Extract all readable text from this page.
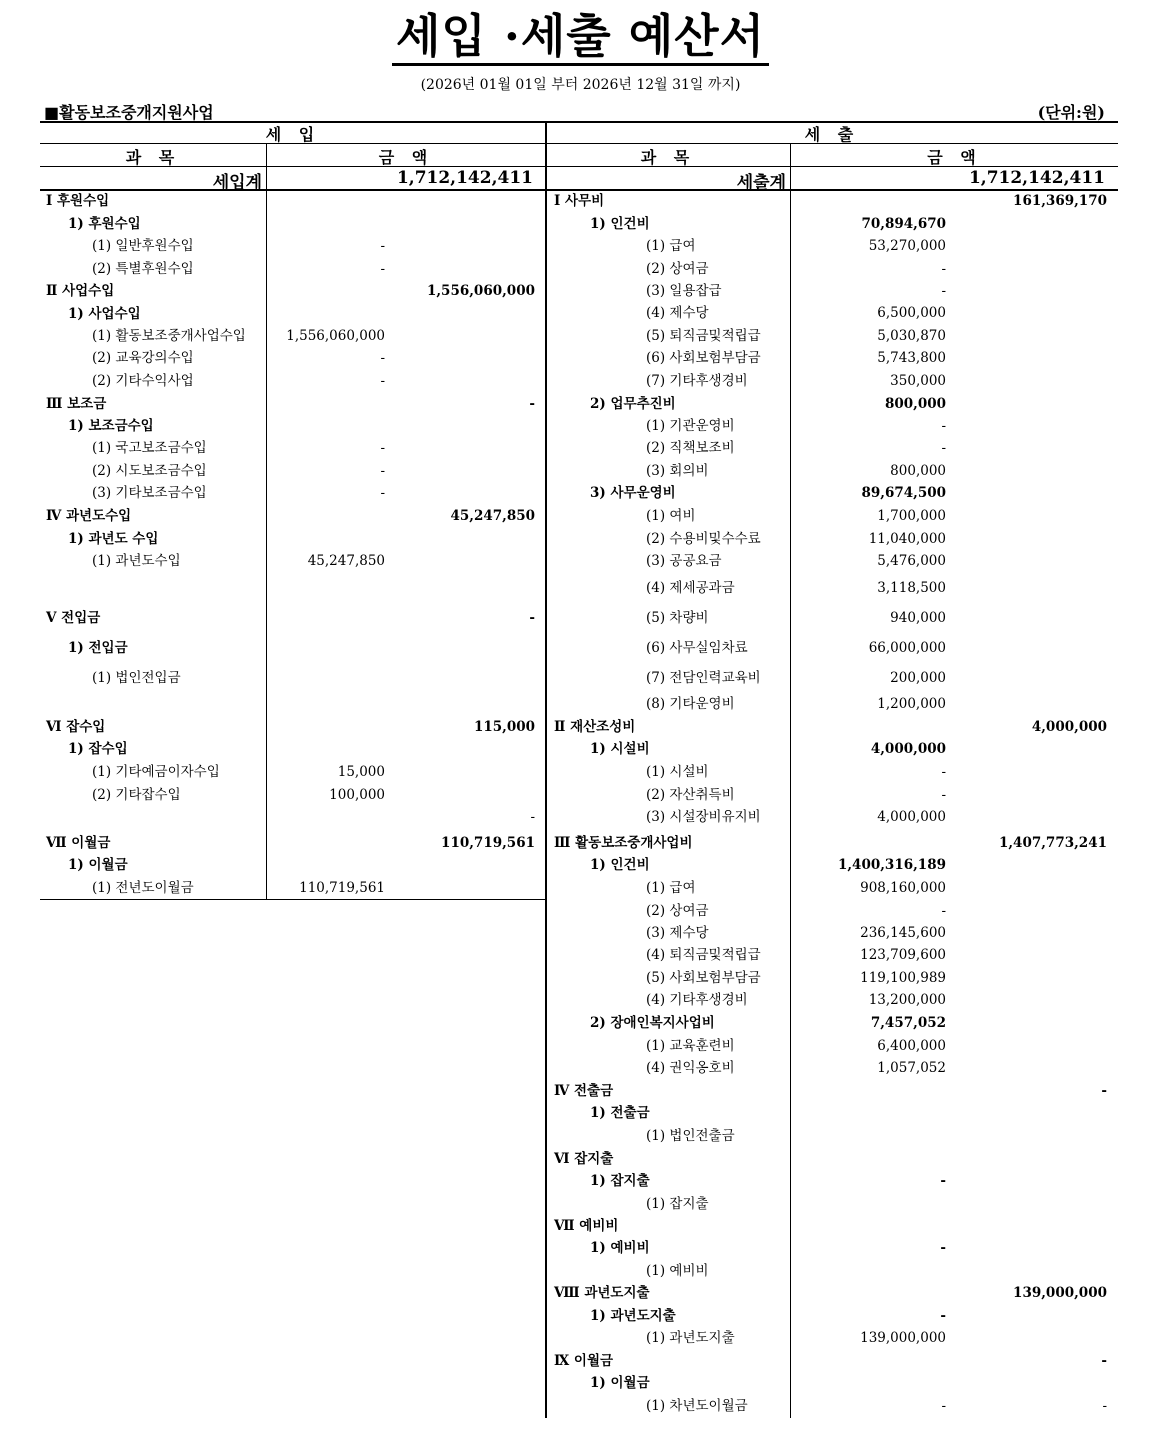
세입 ·세출 예산서
(2026년 01월 01일 부터 2026년 12월 31일 까지)
■활동보조중개지원사업	(단위:원)
세 입	세 출
과 목	금 액	과 목	금 액
세입계	1,712,142,411	세출계	1,712,142,411
Ⅰ 후원수입
1) 후원수입
(1) 일반후원수입	-
(2) 특별후원수입	-
Ⅱ 사업수입	1,556,060,000
1) 사업수입
(1) 활동보조중개사업수입	1,556,060,000
(2) 교육강의수입	-
(2) 기타수익사업	-
Ⅲ 보조금	-
1) 보조금수입
(1) 국고보조금수입	-
(2) 시도보조금수입	-
(3) 기타보조금수입	-
Ⅳ 과년도수입	45,247,850
1) 과년도 수입
(1) 과년도수입	45,247,850
Ⅴ 전입금	-
1) 전입금
(1) 법인전입금
Ⅵ 잡수입	115,000
1) 잡수입
(1) 기타예금이자수입	15,000
(2) 기타잡수입	100,000
-
Ⅶ 이월금	110,719,561
1) 이월금
(1) 전년도이월금	110,719,561
Ⅰ 사무비	161,369,170
1) 인건비	70,894,670
(1) 급여	53,270,000
(2) 상여금	-
(3) 일용잡급	-
(4) 제수당	6,500,000
(5) 퇴직금및적립급	5,030,870
(6) 사회보험부담금	5,743,800
(7) 기타후생경비	350,000
2) 업무추진비	800,000
(1) 기관운영비	-
(2) 직책보조비	-
(3) 회의비	800,000
3) 사무운영비	89,674,500
(1) 여비	1,700,000
(2) 수용비및수수료	11,040,000
(3) 공공요금	5,476,000
(4) 제세공과금	3,118,500
(5) 차량비	940,000
(6) 사무실임차료	66,000,000
(7) 전담인력교육비	200,000
(8) 기타운영비	1,200,000
Ⅱ 재산조성비	4,000,000
1) 시설비	4,000,000
(1) 시설비	-
(2) 자산취득비	-
(3) 시설장비유지비	4,000,000
Ⅲ 활동보조중개사업비	1,407,773,241
1) 인건비	1,400,316,189
(1) 급여	908,160,000
(2) 상여금	-
(3) 제수당	236,145,600
(4) 퇴직금및적립급	123,709,600
(5) 사회보험부담금	119,100,989
(4) 기타후생경비	13,200,000
2) 장애인복지사업비	7,457,052
(1) 교육훈련비	6,400,000
(4) 권익옹호비	1,057,052
Ⅳ 전출금	-
1) 전출금
(1) 법인전출금
Ⅵ 잡지출
1) 잡지출	-
(1) 잡지출
Ⅶ 예비비
1) 예비비	-
(1) 예비비
Ⅷ 과년도지출	139,000,000
1) 과년도지출	-
(1) 과년도지출	139,000,000
Ⅸ 이월금	-
1) 이월금
(1) 차년도이월금	-	-
